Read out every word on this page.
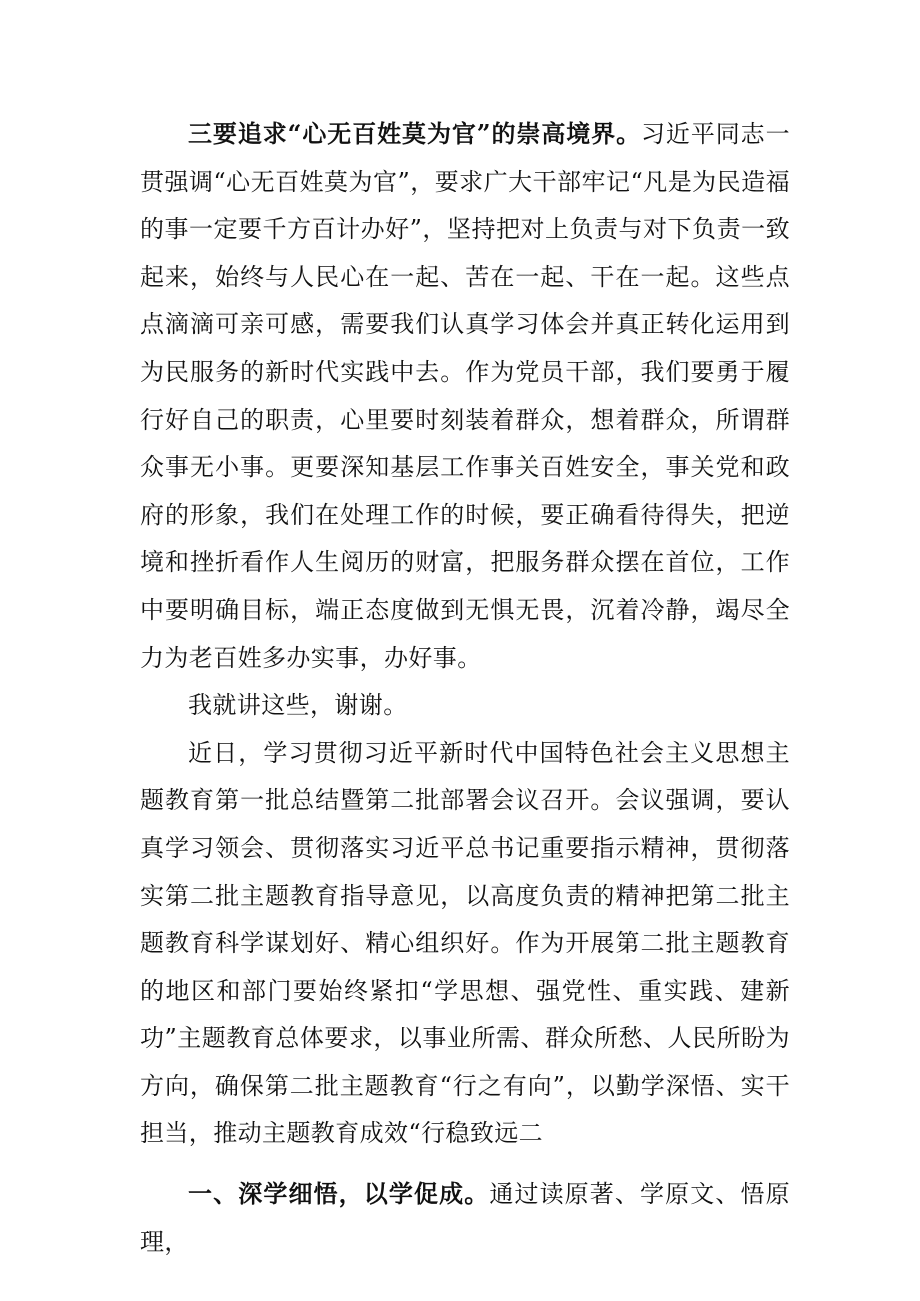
三要追求“心无百姓莫为官”的崇高境界。习近平同志一贯强调“心无百姓莫为官”，要求广大干部牢记“凡是为民造福的事一定要千方百计办好”，坚持把对上负责与对下负责一致起来，始终与人民心在一起、苦在一起、干在一起。这些点点滴滴可亲可感，需要我们认真学习体会并真正转化运用到为民服务的新时代实践中去。作为党员干部，我们要勇于履行好自己的职责，心里要时刻装着群众，想着群众，所谓群众事无小事。更要深知基层工作事关百姓安全，事关党和政府的形象，我们在处理工作的时候，要正确看待得失，把逆境和挫折看作人生阅历的财富，把服务群众摆在首位，工作中要明确目标，端正态度做到无惧无畏，沉着冷静，竭尽全力为老百姓多办实事，办好事。

我就讲这些，谢谢。

近日，学习贯彻习近平新时代中国特色社会主义思想主题教育第一批总结暨第二批部署会议召开。会议强调，要认真学习领会、贯彻落实习近平总书记重要指示精神，贯彻落实第二批主题教育指导意见，以高度负责的精神把第二批主题教育科学谋划好、精心组织好。作为开展第二批主题教育的地区和部门要始终紧扣“学思想、强党性、重实践、建新功”主题教育总体要求，以事业所需、群众所愁、人民所盼为方向，确保第二批主题教育“行之有向”，以勤学深悟、实干担当，推动主题教育成效“行稳致远二

一、深学细悟，以学促成。通过读原著、学原文、悟原理，
